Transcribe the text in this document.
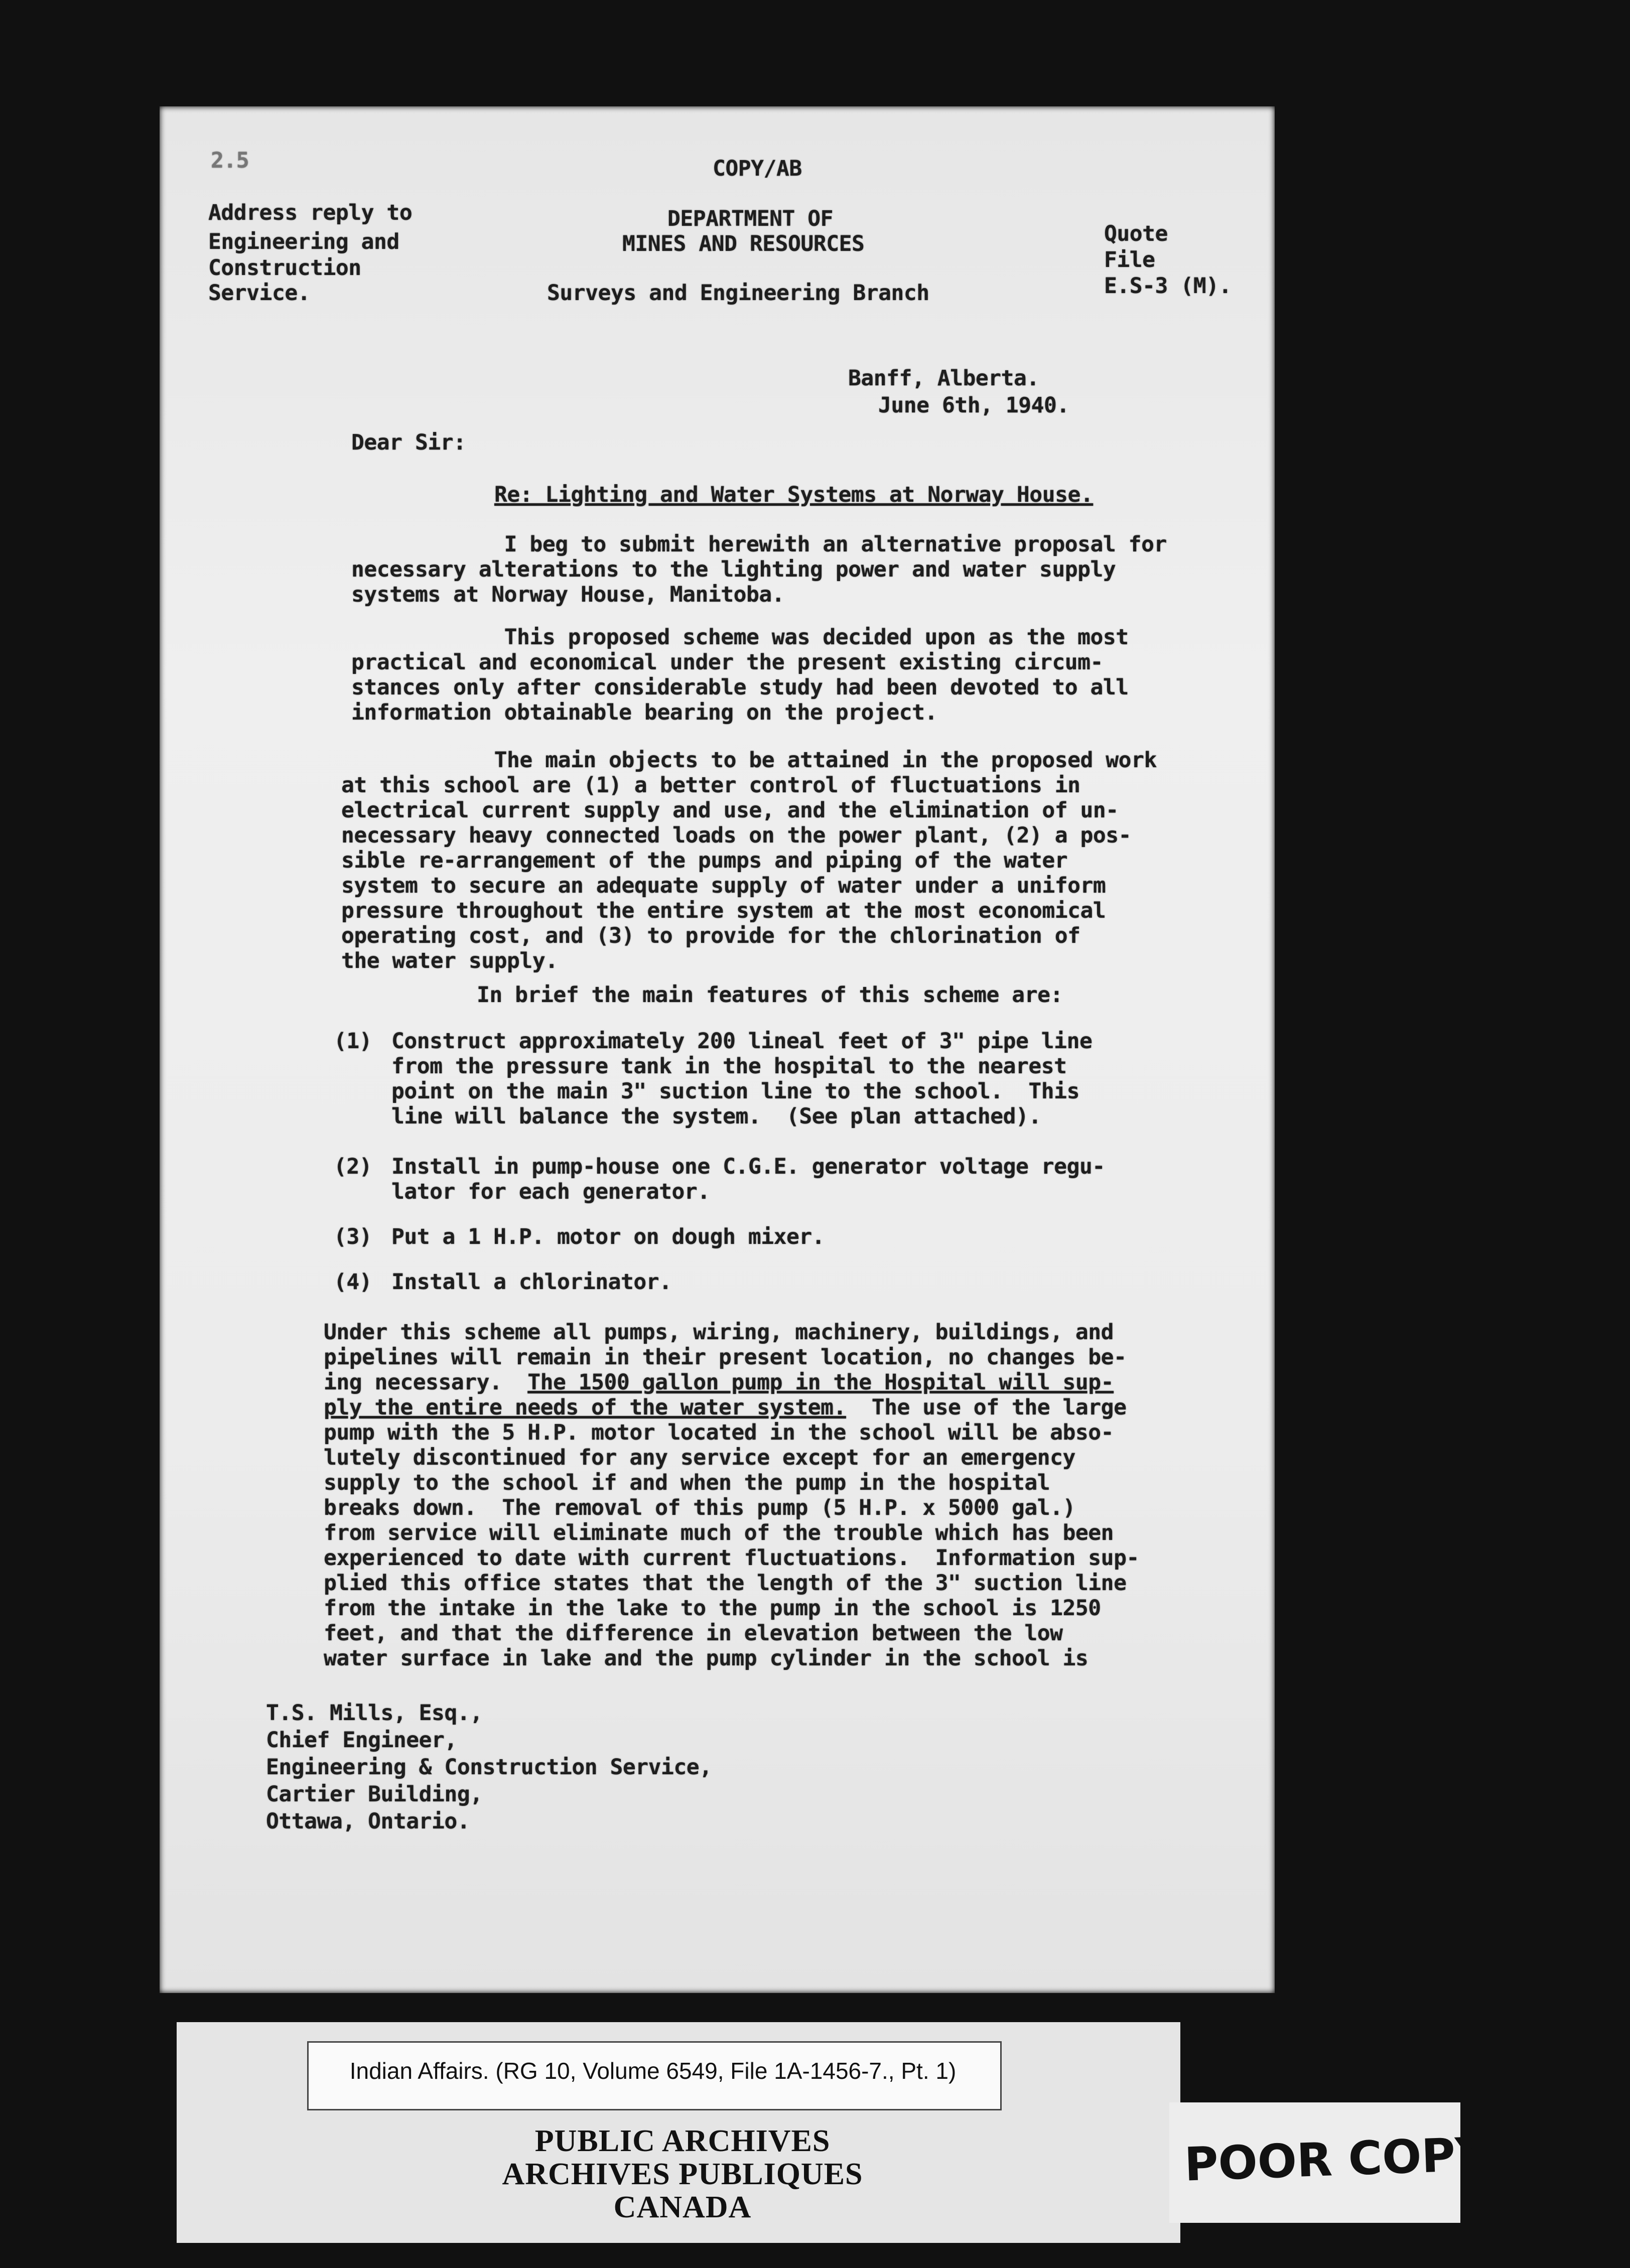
COPY/AB
2.5
Address reply to
Engineering and
Construction
Service.
DEPARTMENT OF
MINES AND RESOURCES
Surveys and Engineering Branch
Quote
File
E.S-3 (M).
Banff, Alberta.
June 6th, 1940.
Dear Sir:
Re: Lighting and Water Systems at Norway House.
I beg to submit herewith an alternative proposal for
necessary alterations to the lighting power and water supply
systems at Norway House, Manitoba.
This proposed scheme was decided upon as the most
practical and economical under the present existing circum-
stances only after considerable study had been devoted to all
information obtainable bearing on the project.
The main objects to be attained in the proposed work
at this school are (1) a better control of fluctuations in
electrical current supply and use, and the elimination of un-
necessary heavy connected loads on the power plant, (2) a pos-
sible re-arrangement of the pumps and piping of the water
system to secure an adequate supply of water under a uniform
pressure throughout the entire system at the most economical
operating cost, and (3) to provide for the chlorination of
the water supply.
In brief the main features of this scheme are:
(1) Construct approximately 200 lineal feet of 3" pipe line
from the pressure tank in the hospital to the nearest
point on the main 3" suction line to the school.  This
line will balance the system.  (See plan attached).
(2) Install in pump-house one C.G.E. generator voltage regu-
lator for each generator.
(3) Put a 1 H.P. motor on dough mixer.
(4) Install a chlorinator.
Under this scheme all pumps, wiring, machinery, buildings, and
pipelines will remain in their present location, no changes be-
ing necessary.  The 1500 gallon pump in the Hospital will sup-
ply the entire needs of the water system.  The use of the large
pump with the 5 H.P. motor located in the school will be abso-
lutely discontinued for any service except for an emergency
supply to the school if and when the pump in the hospital
breaks down.  The removal of this pump (5 H.P. x 5000 gal.)
from service will eliminate much of the trouble which has been
experienced to date with current fluctuations.  Information sup-
plied this office states that the length of the 3" suction line
from the intake in the lake to the pump in the school is 1250
feet, and that the difference in elevation between the low
water surface in lake and the pump cylinder in the school is
T.S. Mills, Esq.,
Chief Engineer,
Engineering & Construction Service,
Cartier Building,
Ottawa, Ontario.
Indian Affairs. (RG 10, Volume 6549, File 1A-1456-7., Pt. 1)
PUBLIC ARCHIVES
ARCHIVES PUBLIQUES
CANADA
POOR COPY
